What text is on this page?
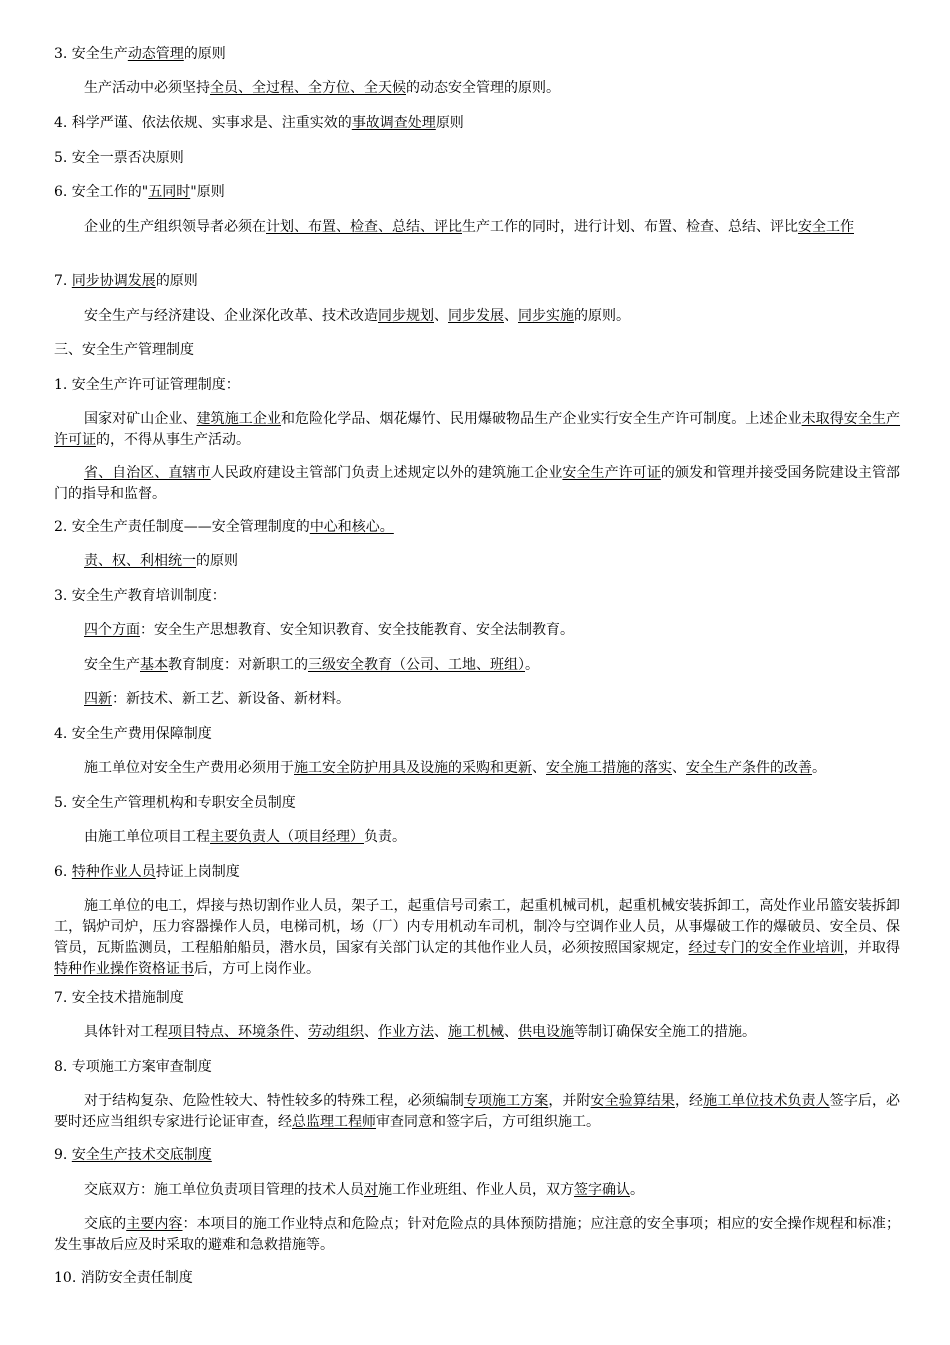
3. 安全生产动态管理的原则
生产活动中必须坚持全员、全过程、全方位、全天候的动态安全管理的原则。
4. 科学严谨、依法依规、实事求是、注重实效的事故调查处理原则
5. 安全一票否决原则
6. 安全工作的"五同时"原则
企业的生产组织领导者必须在计划、布置、检查、总结、评比生产工作的同时，进行计划、布置、检查、总结、评比安全工作
7. 同步协调发展的原则
安全生产与经济建设、企业深化改革、技术改造同步规划、同步发展、同步实施的原则。
三、安全生产管理制度
1. 安全生产许可证管理制度：
国家对矿山企业、建筑施工企业和危险化学品、烟花爆竹、民用爆破物品生产企业实行安全生产许可制度。上述企业未取得安全生产许可证的，不得从事生产活动。
省、自治区、直辖市人民政府建设主管部门负责上述规定以外的建筑施工企业安全生产许可证的颁发和管理并接受国务院建设主管部门的指导和监督。
2. 安全生产责任制度——安全管理制度的中心和核心。
责、权、利相统一的原则
3. 安全生产教育培训制度：
四个方面：安全生产思想教育、安全知识教育、安全技能教育、安全法制教育。
安全生产基本教育制度：对新职工的三级安全教育（公司、工地、班组）。
四新：新技术、新工艺、新设备、新材料。
4. 安全生产费用保障制度
施工单位对安全生产费用必须用于施工安全防护用具及设施的采购和更新、安全施工措施的落实、安全生产条件的改善。
5. 安全生产管理机构和专职安全员制度
由施工单位项目工程主要负责人（项目经理）负责。
6. 特种作业人员持证上岗制度
施工单位的电工，焊接与热切割作业人员，架子工，起重信号司索工，起重机械司机，起重机械安装拆卸工，高处作业吊篮安装拆卸工，锅炉司炉，压力容器操作人员，电梯司机，场（厂）内专用机动车司机，制冷与空调作业人员，从事爆破工作的爆破员、安全员、保管员，瓦斯监测员，工程船舶船员，潜水员，国家有关部门认定的其他作业人员，必须按照国家规定，经过专门的安全作业培训，并取得特种作业操作资格证书后，方可上岗作业。
7. 安全技术措施制度
具体针对工程项目特点、环境条件、劳动组织、作业方法、施工机械、供电设施等制订确保安全施工的措施。
8. 专项施工方案审查制度
对于结构复杂、危险性较大、特性较多的特殊工程，必须编制专项施工方案，并附安全验算结果，经施工单位技术负责人签字后，必要时还应当组织专家进行论证审查，经总监理工程师审查同意和签字后，方可组织施工。
9. 安全生产技术交底制度
交底双方：施工单位负责项目管理的技术人员对施工作业班组、作业人员，双方签字确认。
交底的主要内容：本项目的施工作业特点和危险点；针对危险点的具体预防措施；应注意的安全事项；相应的安全操作规程和标准；发生事故后应及时采取的避难和急救措施等。
10. 消防安全责任制度
